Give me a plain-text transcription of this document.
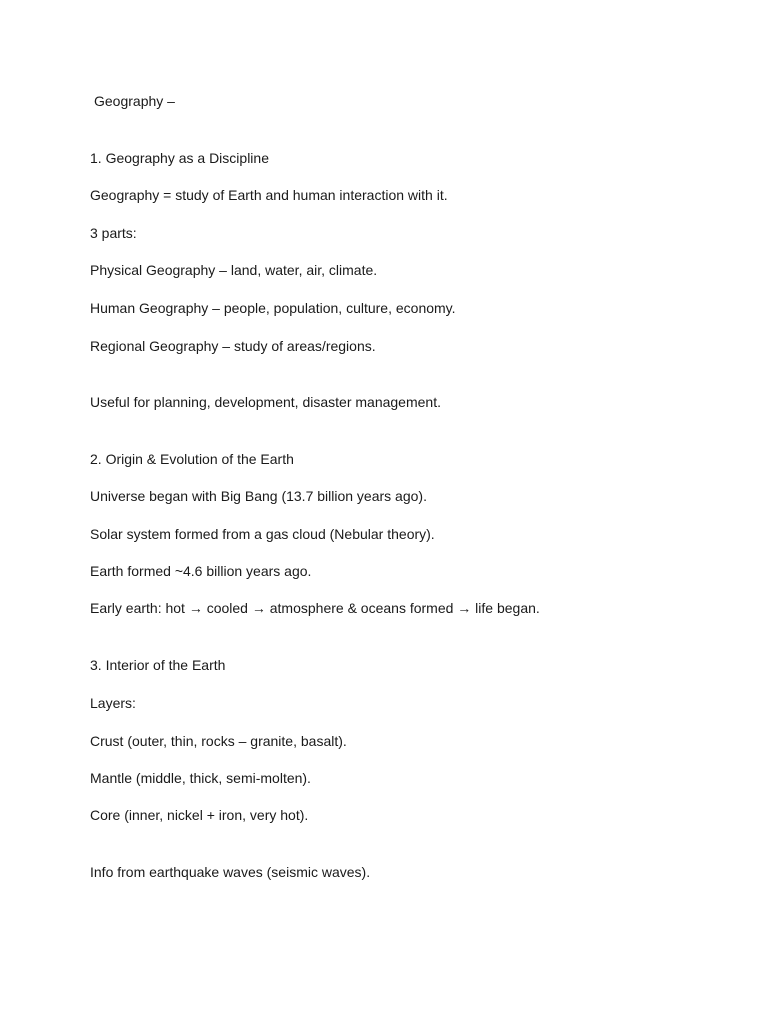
Geography –
1. Geography as a Discipline
Geography = study of Earth and human interaction with it.
3 parts:
Physical Geography – land, water, air, climate.
Human Geography – people, population, culture, economy.
Regional Geography – study of areas/regions.
Useful for planning, development, disaster management.
2. Origin & Evolution of the Earth
Universe began with Big Bang (13.7 billion years ago).
Solar system formed from a gas cloud (Nebular theory).
Earth formed ~4.6 billion years ago.
Early earth: hot → cooled → atmosphere & oceans formed → life began.
3. Interior of the Earth
Layers:
Crust (outer, thin, rocks – granite, basalt).
Mantle (middle, thick, semi-molten).
Core (inner, nickel + iron, very hot).
Info from earthquake waves (seismic waves).
